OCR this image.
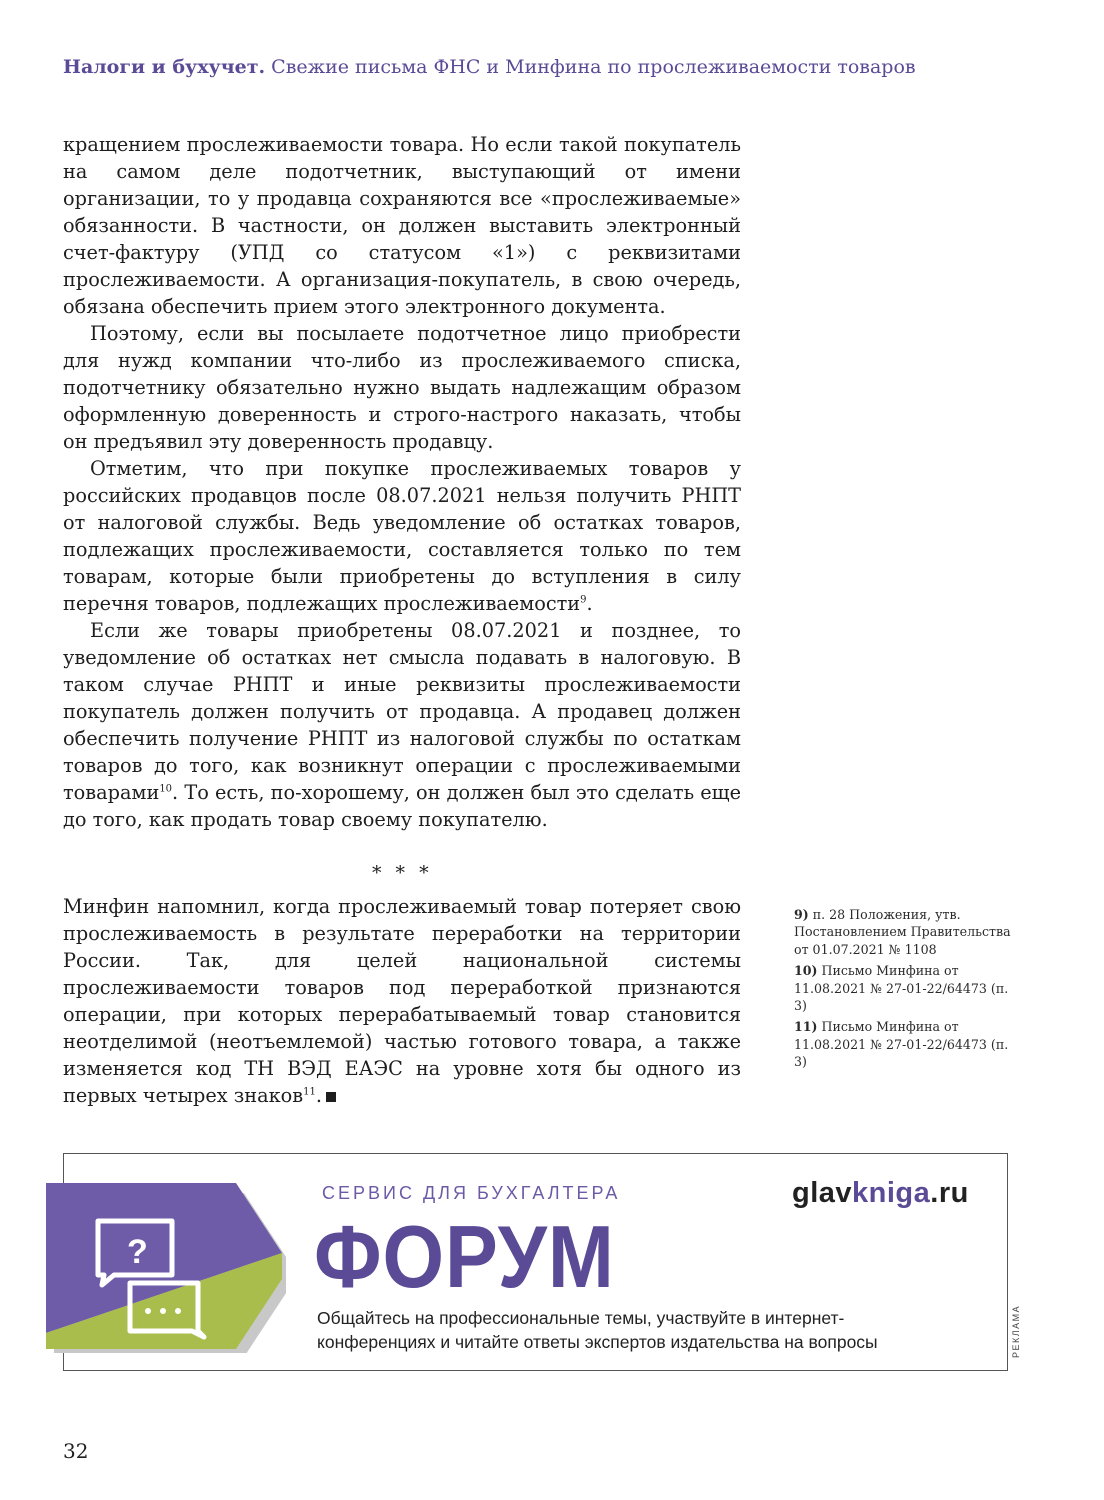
Налоги и бухучет. Свежие письма ФНС и Минфина по прослеживаемости товаров

кращением прослеживаемости товара. Но если такой покупатель на самом деле подотчетник, выступающий от имени организации, то у продавца сохраняются все «прослеживаемые» обязанности. В частности, он должен выставить электронный счет-фактуру (УПД со статусом «1») с реквизитами прослеживаемости. А организация-покупатель, в свою очередь, обязана обеспечить прием этого электронного документа.

Поэтому, если вы посылаете подотчетное лицо приобрести для нужд компании что-либо из прослеживаемого списка, подотчетнику обязательно нужно выдать надлежащим образом оформленную доверенность и строго-настрого наказать, чтобы он предъявил эту доверенность продавцу.

Отметим, что при покупке прослеживаемых товаров у российских продавцов после 08.07.2021 нельзя получить РНПТ от налоговой службы. Ведь уведомление об остатках товаров, подлежащих прослеживаемости, составляется только по тем товарам, которые были приобретены до вступления в силу перечня товаров, подлежащих прослеживаемости$^9$.

Если же товары приобретены 08.07.2021 и позднее, то уведомление об остатках нет смысла подавать в налоговую. В таком случае РНПТ и иные реквизиты прослеживаемости покупатель должен получить от продавца. А продавец должен обеспечить получение РНПТ из налоговой службы по остаткам товаров до того, как возникнут операции с прослеживаемыми товарами$^{10}$. То есть, по-хорошему, он должен был это сделать еще до того, как продать товар своему покупателю.

* * *

Минфин напомнил, когда прослеживаемый товар потеряет свою прослеживаемость в результате переработки на территории России. Так, для целей национальной системы прослеживаемости товаров под переработкой признаются операции, при которых перерабатываемый товар становится неотделимой (неотъемлемой) частью готового товара, а также изменяется код ТН ВЭД ЕАЭС на уровне хотя бы одного из первых четырех знаков$^{11}$.

9) п. 28 Положения, утв. Постановлением Правительства от 01.07.2021 № 1108
10) Письмо Минфина от 11.08.2021 № 27-01-22/64473 (п. 3)
11) Письмо Минфина от 11.08.2021 № 27-01-22/64473 (п. 3)
?
СЕРВИС ДЛЯ БУХГАЛТЕРА	glavkniga.ru
ФОРУМ
Общайтесь на профессиональные темы, участвуйте в интернет-конференциях и читайте ответы экспертов издательства на вопросы	РЕКЛАМА
32
